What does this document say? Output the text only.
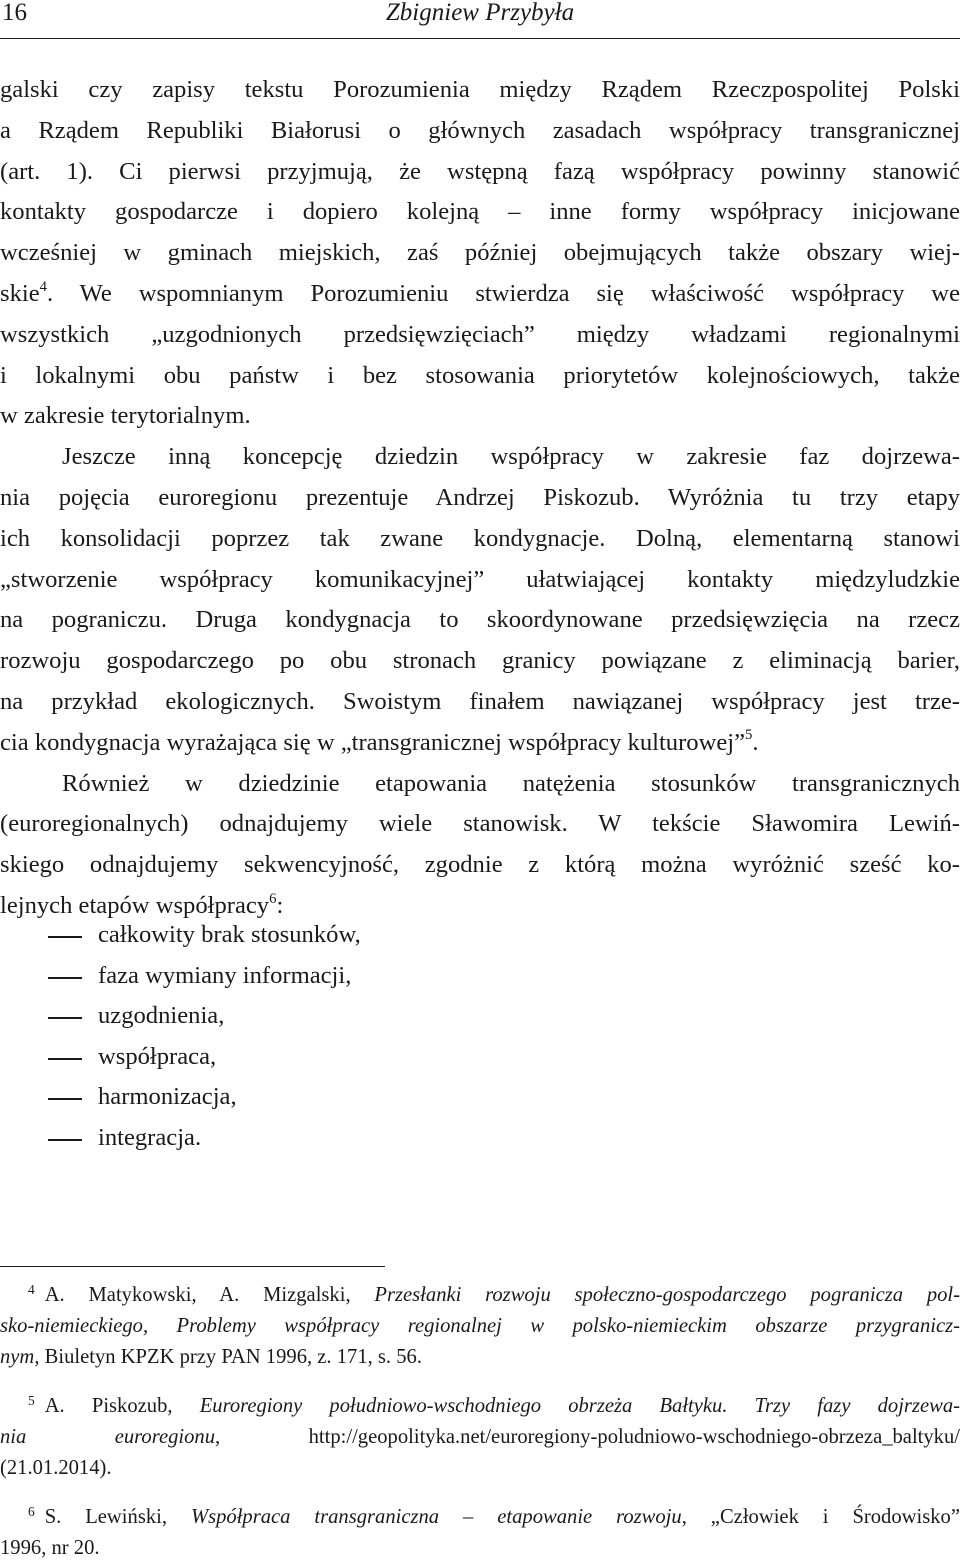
16	Zbigniew Przybyła
galski czy zapisy tekstu Porozumienia między Rządem Rzeczpospolitej Polski
a Rządem Republiki Białorusi o głównych zasadach współpracy transgranicznej
(art. 1). Ci pierwsi przyjmują, że wstępną fazą współpracy powinny stanowić
kontakty gospodarcze i dopiero kolejną – inne formy współpracy inicjowane
wcześniej w gminach miejskich, zaś później obejmujących także obszary wiej-
skie$^4$. We wspomnianym Porozumieniu stwierdza się właściwość współpracy we
wszystkich „uzgodnionych przedsięwzięciach” między władzami regionalnymi
i lokalnymi obu państw i bez stosowania priorytetów kolejnościowych, także
w zakresie terytorialnym.
Jeszcze inną koncepcję dziedzin współpracy w zakresie faz dojrzewa-
nia pojęcia euroregionu prezentuje Andrzej Piskozub. Wyróżnia tu trzy etapy
ich konsolidacji poprzez tak zwane kondygnacje. Dolną, elementarną stanowi
„stworzenie współpracy komunikacyjnej” ułatwiającej kontakty międzyludzkie
na pograniczu. Druga kondygnacja to skoordynowane przedsięwzięcia na rzecz
rozwoju gospodarczego po obu stronach granicy powiązane z eliminacją barier,
na przykład ekologicznych. Swoistym finałem nawiązanej współpracy jest trze-
cia kondygnacja wyrażająca się w „transgranicznej współpracy kulturowej”$^5$.
Również w dziedzinie etapowania natężenia stosunków transgranicznych
(euroregionalnych) odnajdujemy wiele stanowisk. W tekście Sławomira Lewiń-
skiego odnajdujemy sekwencyjność, zgodnie z którą można wyróżnić sześć ko-
lejnych etapów współpracy$^6$:
całkowity brak stosunków,
faza wymiany informacji,
uzgodnienia,
współpraca,
harmonizacja,
integracja.
$^4$ A. Matykowski, A. Mizgalski, Przesłanki rozwoju społeczno-gospodarczego pogranicza pol-
sko-niemieckiego, Problemy współpracy regionalnej w polsko-niemieckim obszarze przygranicz-
nym, Biuletyn KPZK przy PAN 1996, z. 171, s. 56.
$^5$ A. Piskozub, Euroregiony południowo-wschodniego obrzeża Bałtyku. Trzy fazy dojrzewa-
nia euroregionu, http://geopolityka.net/euroregiony-poludniowo-wschodniego-obrzeza_baltyku/
(21.01.2014).
$^6$ S. Lewiński, Współpraca transgraniczna – etapowanie rozwoju, „Człowiek i Środowisko”
1996, nr 20.
